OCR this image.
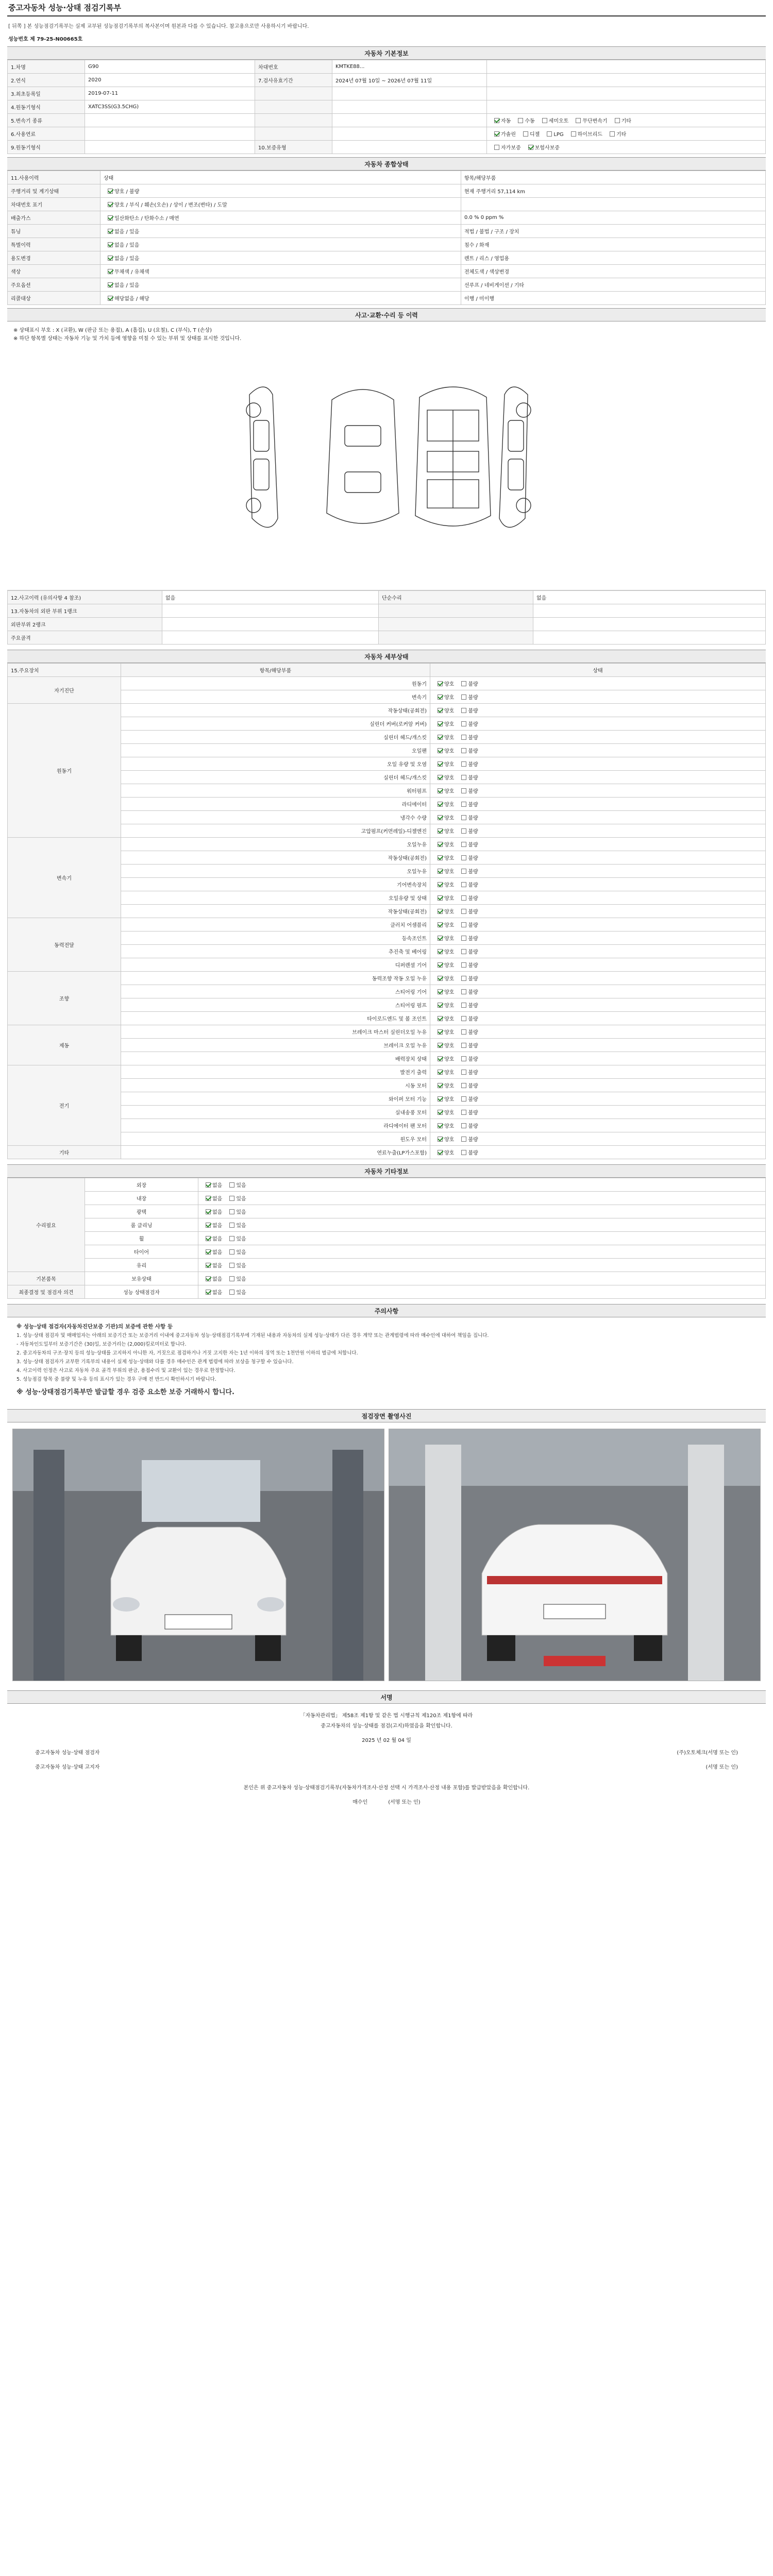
중고자동차 성능·상태 점검기록부
[ 뒤쪽 ] 본 성능점검기록부는 실제 교부된 성능점검기록부의 복사본이며 원본과 다를 수 있습니다. 참고용으로만 사용하시기 바랍니다.
성능번호 제 79-25-N00665호
자동차 기본정보
1.차명	G90	차대번호	KMTKE88...	
2.연식	2020	7.검사유효기간	2024년 07월 10일 ~ 2026년 07월 11일	
3.최초등록일	2019-07-11			
4.원동기형식	XATC3SS(G3.5CHG)			
5.변속기 종류				자동 수동 세미오토 무단변속기 기타
6.사용연료				가솔린 디젤 LPG 하이브리드 기타
9.원동기형식		10.보증유형		자가보증 보험사보증
자동차 종합상태
11.사용이력	상태	항목/해당부품
주행거리 및 계기상태	양호 / 불량	현재 주행거리 57,114 km
차대번호 표기	양호 / 부식 / 훼손(오손) / 상이 / 변조(변타) / 도말	
배출가스	일산화탄소 / 탄화수소 / 매연	0.0 % 0 ppm %
튜닝	없음 / 있음	적법 / 불법 / 구조 / 장치
특별이력	없음 / 있음	침수 / 화재
용도변경	없음 / 있음	렌트 / 리스 / 영업용
색상	무채색 / 유채색	전체도색 / 색상변경
주요옵션	없음 / 있음	선루프 / 네비게이션 / 기타
리콜대상	해당없음 / 해당	이행 / 미이행
사고·교환·수리 등 이력
※ 상태표시 부호 : X (교환), W (판금 또는 용접), A (흠집), U (요철), C (부식), T (손상)
※ 하단 항목별 상태는 자동차 기능 및 가치 등에 영향을 미칠 수 있는 부위 및 상태를 표시한 것입니다.
12.사고이력 (유의사항 4 참조)	없음	단순수리	없음
13.자동차의 외판 부위 1랭크			
외판부위 2랭크			
주요골격			
자동차 세부상태
15.주요장치	항목/해당부품	상태
자기진단	원동기	양호 불량
	변속기	양호 불량
원동기	작동상태(공회전)	양호 불량
	실린더 커버(로커암 커버)	양호 불량
	실린더 헤드/개스킷	양호 불량
	오일팬	양호 불량
	오일 유량 및 오염	양호 불량
	실린더 헤드/개스킷	양호 불량
	워터펌프	양호 불량
	라디에이터	양호 불량
	냉각수 수량	양호 불량
	고압펌프(커먼레일)-디젤엔진	양호 불량
변속기	오일누유	양호 불량
	작동상태(공회전)	양호 불량
	오일누유	양호 불량
	기어변속장치	양호 불량
	오일유량 및 상태	양호 불량
	작동상태(공회전)	양호 불량
동력전달	클러치 어셈블리	양호 불량
	등속조인트	양호 불량
	추진축 및 베어링	양호 불량
	디퍼렌셜 기어	양호 불량
조향	동력조향 작동 오일 누유	양호 불량
	스티어링 기어	양호 불량
	스티어링 펌프	양호 불량
	타이로드엔드 및 볼 조인트	양호 불량
제동	브레이크 마스터 실린더오일 누유	양호 불량
	브레이크 오일 누유	양호 불량
	배력장치 상태	양호 불량
전기	발전기 출력	양호 불량
	시동 모터	양호 불량
	와이퍼 모터 기능	양호 불량
	실내송풍 모터	양호 불량
	라디에이터 팬 모터	양호 불량
	윈도우 모터	양호 불량
기타	연료누출(LP가스포함)	양호 불량
자동차 기타정보
수리필요	외장	없음 있음
	내장	없음 있음
	광택	없음 있음
	룸 클리닝	없음 있음
	휠	없음 있음
	타이어	없음 있음
	유리	없음 있음
기본품목	보유상태	없음 있음
최종결정 및 점검자 의견	성능 상태점검자	없음 있음
주의사항
※ 성능·상태 점검자(자동차진단보증 기관)의 보증에 관한 사항 등
1. 성능·상태 점검자 및 매매업자는 아래의 보증기간 또는 보증거리 이내에 중고자동차 성능·상태점검기록부에 기재된 내용과 자동차의 실제 성능·상태가 다른 경우 계약 또는 관계법령에 따라 매수인에 대하여 책임을 집니다.
- 자동차인도일부터 보증기간은 (30)일, 보증거리는 (2,000)킬로미터로 합니다.
2. 중고자동차의 구조·장치 등의 성능·상태를 고지하지 아니한 자, 거짓으로 점검하거나 거짓 고지한 자는 1년 이하의 징역 또는 1천만원 이하의 벌금에 처합니다.
3. 성능·상태 점검자가 교부한 기록부의 내용이 실제 성능·상태와 다를 경우 매수인은 관계 법령에 따라 보상을 청구할 수 있습니다.
4. 사고이력 인정은 사고로 자동차 주요 골격 부위의 판금, 용접수리 및 교환이 있는 경우로 한정합니다.
5. 성능점검 항목 중 불량 및 누유 등의 표시가 있는 경우 구매 전 반드시 확인하시기 바랍니다.
※ 성능·상태점검기록부만 발급할 경우 검증 요소한 보증 거래하시 합니다.
점검장면 촬영사진
서명
「자동차관리법」 제58조 제1항 및 같은 법 시행규칙 제120조 제1항에 따라
중고자동차의 성능·상태를 점검(고지)하였음을 확인합니다.
2025 년 02 월 04 일
중고자동차 성능·상태 점검자	(주)오토체크(서명 또는 인)
중고자동차 성능·상태 고지자	(서명 또는 인)
본인은 위 중고자동차 성능·상태점검기록부(자동차가격조사·산정 선택 시 가격조사·산정 내용 포함)를 발급받았음을 확인합니다.
매수인	(서명 또는 인)
